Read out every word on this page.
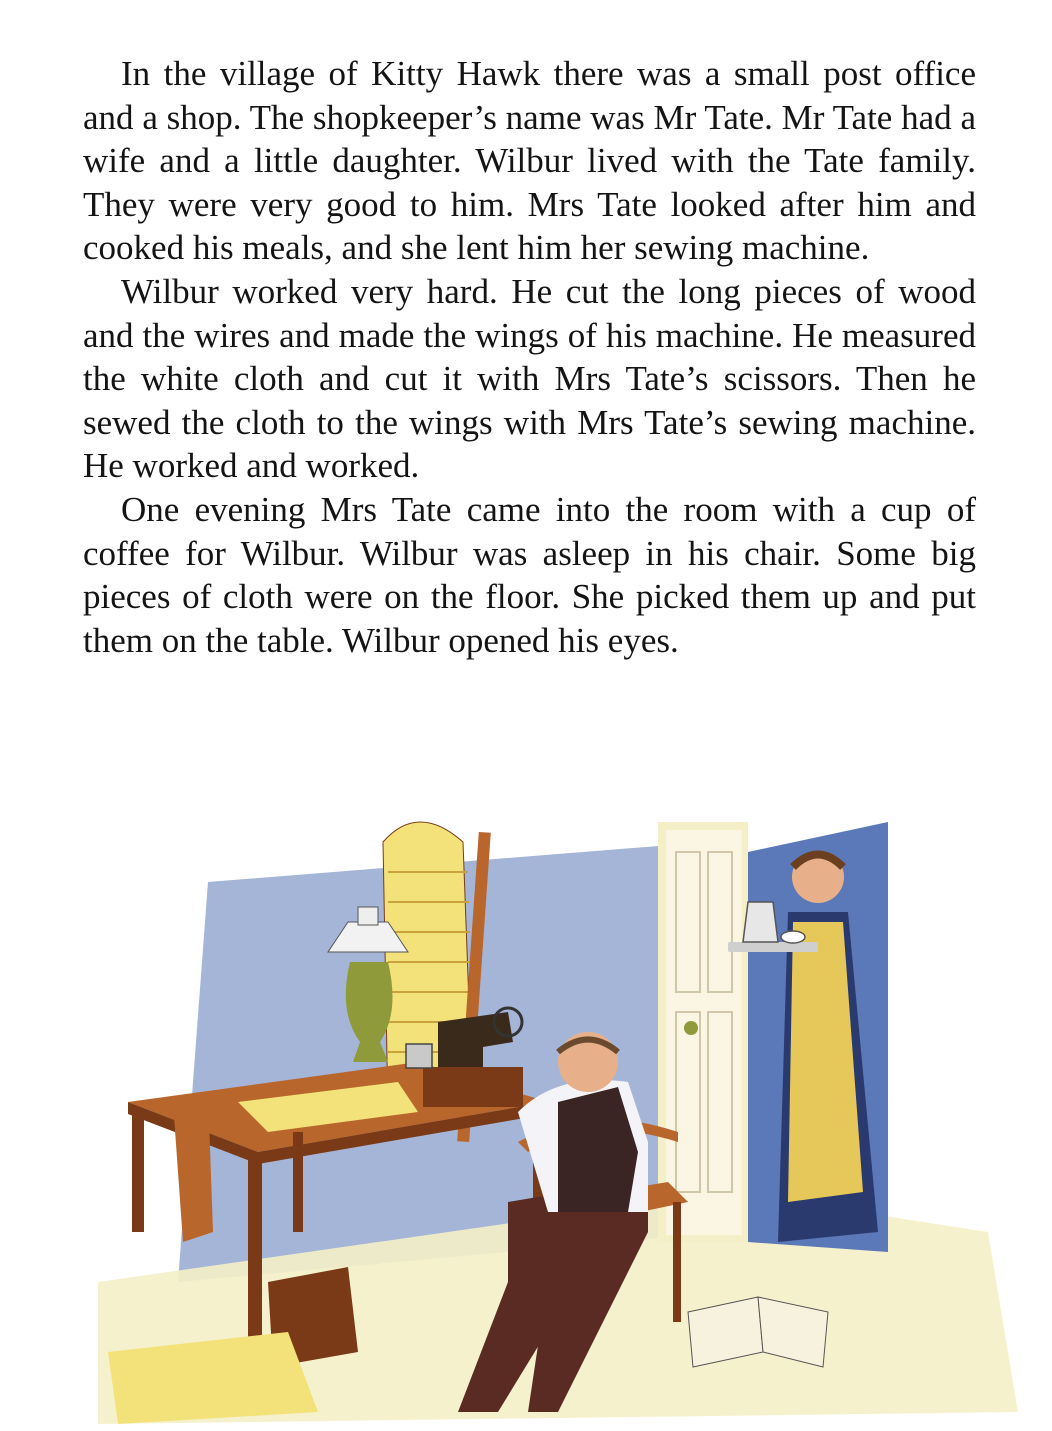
In the village of Kitty Hawk there was a small post office and a shop. The shopkeeper’s name was Mr Tate. Mr Tate had a wife and a little daughter. Wilbur lived with the Tate family. They were very good to him. Mrs Tate looked after him and cooked his meals, and she lent him her sewing machine.

Wilbur worked very hard. He cut the long pieces of wood and the wires and made the wings of his machine. He measured the white cloth and cut it with Mrs Tate’s scissors. Then he sewed the cloth to the wings with Mrs Tate’s sewing machine. He worked and worked.

One evening Mrs Tate came into the room with a cup of coffee for Wilbur. Wilbur was asleep in his chair. Some big pieces of cloth were on the floor. She picked them up and put them on the table. Wilbur opened his eyes.
